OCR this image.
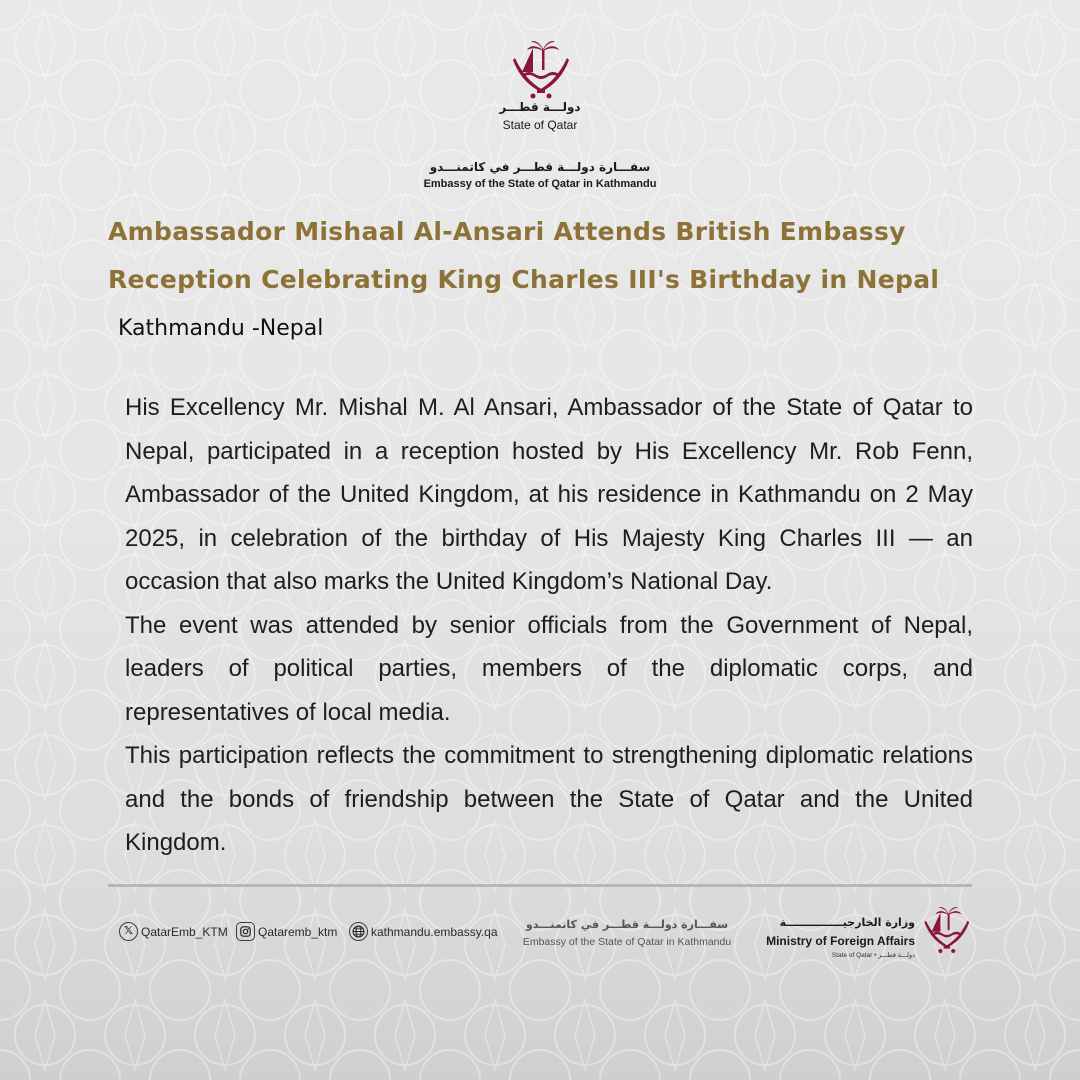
دولـــة قطـــر
State of Qatar
سفـــارة دولـــة قطـــر في كاتمنـــدو
Embassy of the State of Qatar in Kathmandu
Ambassador Mishaal Al-Ansari Attends British Embassy
Reception Celebrating King Charles III's Birthday in Nepal
Kathmandu -Nepal

His Excellency Mr. Mishal M. Al Ansari, Ambassador of the State of Qatar to Nepal, participated in a reception hosted by His Excellency Mr. Rob Fenn, Ambassador of the United Kingdom, at his residence in Kathmandu on 2 May 2025, in celebration of the birthday of His Majesty King Charles III — an occasion that also marks the United Kingdom’s National Day.

The event was attended by senior officials from the Government of Nepal, leaders of political parties, members of the diplomatic corps, and representatives of local media.

This participation reflects the commitment to strengthening diplomatic relations and the bonds of friendship between the State of Qatar and the United Kingdom.

𝕏 QatarEmb_KTM	Qataremb_ktm	kathmandu.embassy.qa	سفـــارة دولـــة قطـــر في كاتمنـــدو
Embassy of the State of Qatar in Kathmandu
وزارة الخارجيـــــــــــــــة
Ministry of Foreign Affairs
State of Qatar • دولـــة قطـــر
